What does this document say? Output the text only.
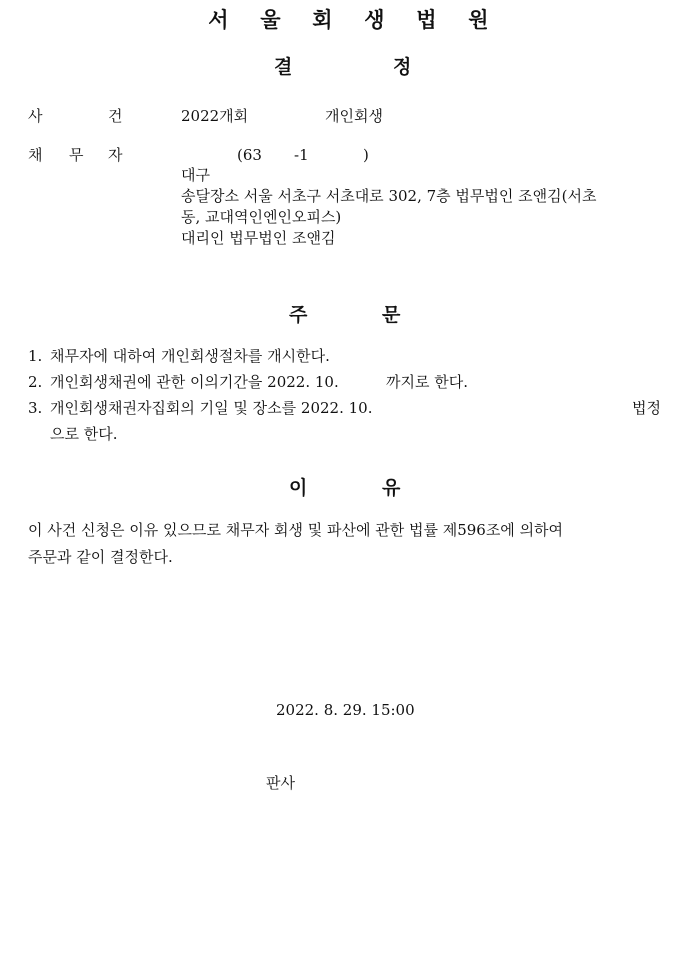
서 울 회 생 법 원
결	정
사	건	2022개회	개인회생
채 무 자	(63 -1	)
대구
송달장소 서울 서초구 서초대로 302, 7층 법무법인 조앤김(서초
동, 교대역인엔인오피스)
대리인 법무법인 조앤김
주	문
1. 채무자에 대하여 개인회생절차를 개시한다.
2. 개인회생채권에 관한 이의기간을 2022. 10.	까지로 한다.
3. 개인회생채권자집회의 기일 및 장소를 2022. 10.	법정
으로 한다.
이	유
이 사건 신청은 이유 있으므로 채무자 회생 및 파산에 관한 법률 제596조에 의하여
주문과 같이 결정한다.
2022. 8. 29. 15:00
판사
